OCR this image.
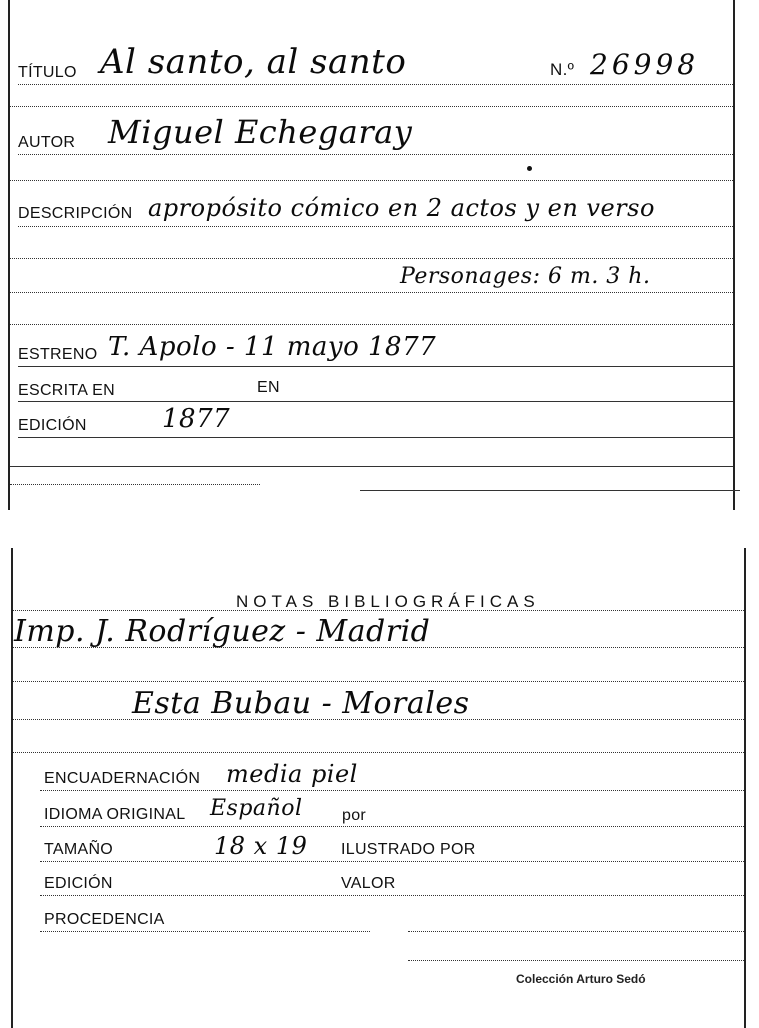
TÍTULO Al santo, al santo	N.º 26998
AUTOR Miguel Echegaray
DESCRIPCIÓN apropósito cómico en 2 actos y en verso
Personages: 6 m. 3 h.
ESTRENO T. Apolo - 11 mayo 1877
ESCRITA EN	EN
EDICIÓN	1877
NOTAS BIBLIOGRÁFICAS
Imp. J. Rodríguez - Madrid
Esta Bubau - Morales
ENCUADERNACIÓN media piel
IDIOMA ORIGINAL Español por
TAMAÑO	18 x 19 ILUSTRADO POR
EDICIÓN	VALOR
PROCEDENCIA
Colección Arturo Sedó
